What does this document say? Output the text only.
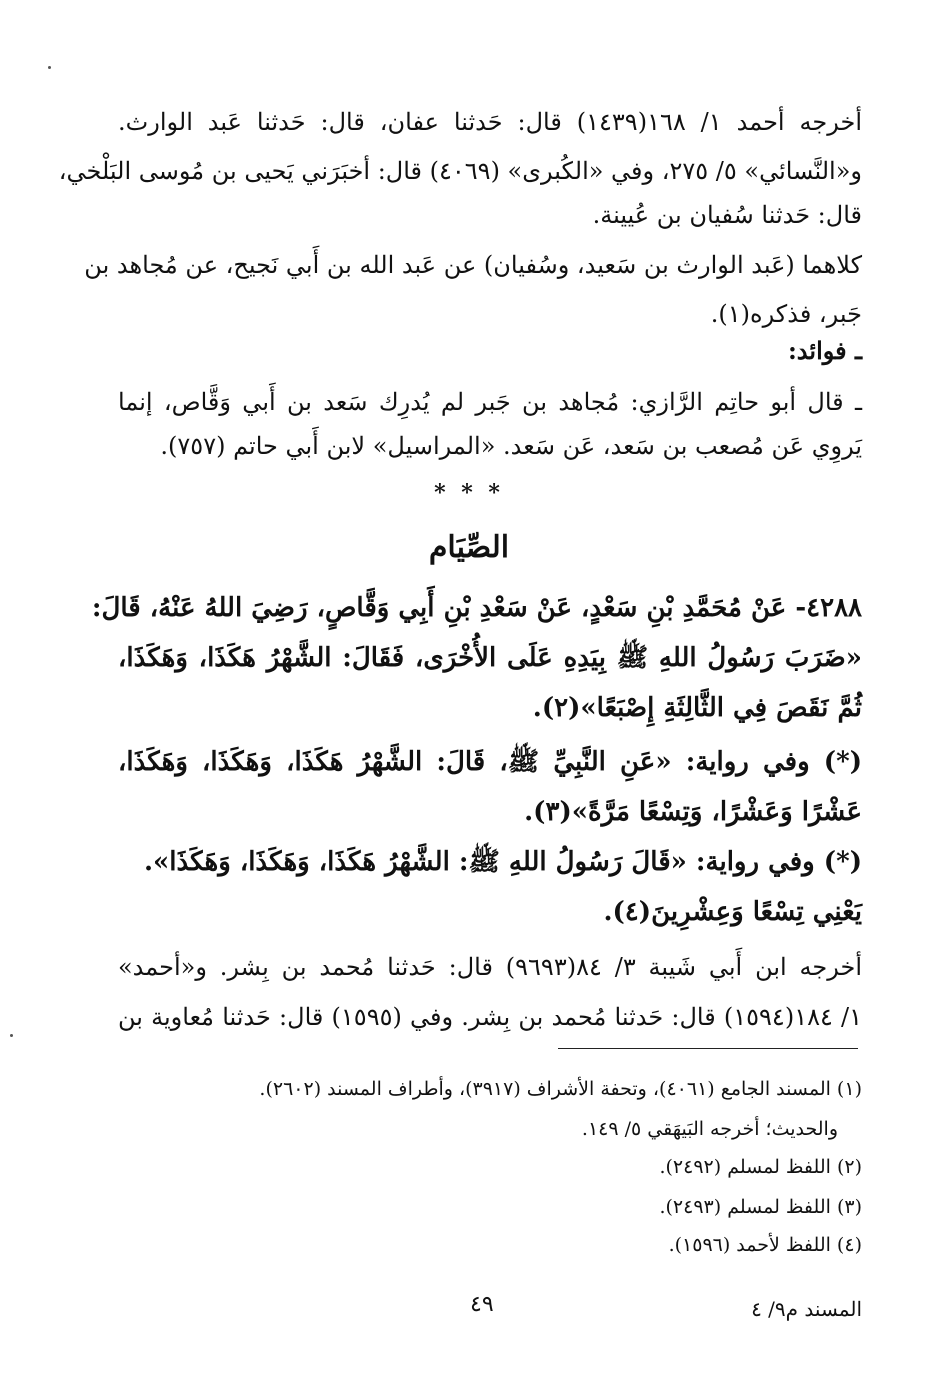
أخرجه أحمد ١/ ١٦٨(١٤٣٩) قال: حَدثنا عفان، قال: حَدثنا عَبد الوارث.
و«النَّسائي» ٥/ ٢٧٥، وفي «الكُبرى» (٤٠٦٩) قال: أخبَرَني يَحيى بن مُوسى البَلْخي،
قال: حَدثنا سُفيان بن عُيينة.
كلاهما (عَبد الوارث بن سَعيد، وسُفيان) عن عَبد الله بن أَبي نَجيح، عن مُجاهد بن
جَبر، فذكره(١).
ـ فوائد:
ـ قال أبو حاتِم الرَّازي: مُجاهد بن جَبر لم يُدرِك سَعد بن أَبي وَقَّاص، إنما
يَروِي عَن مُصعب بن سَعد، عَن سَعد. «المراسيل» لابن أَبي حاتم (٧٥٧).
* * *
الصِّيَام
٤٢٨٨- عَنْ مُحَمَّدِ بْنِ سَعْدٍ، عَنْ سَعْدِ بْنِ أَبِي وَقَّاصٍ، رَضِيَ اللهُ عَنْهُ، قَالَ:
«ضَرَبَ رَسُولُ اللهِ ﷺ بِيَدِهِ عَلَى الأُخْرَى، فَقَالَ: الشَّهْرُ هَكَذَا، وَهَكَذَا،
ثُمَّ نَقَصَ فِي الثَّالِثَةِ إِصْبَعًا»(٢).
(*) وفي رواية: «عَنِ النَّبِيِّ ﷺ، قَالَ: الشَّهْرُ هَكَذَا، وَهَكَذَا، وَهَكَذَا،
عَشْرًا وَعَشْرًا، وَتِسْعًا مَرَّةً»(٣).
(*) وفي رواية: «قَالَ رَسُولُ اللهِ ﷺ: الشَّهْرُ هَكَذَا، وَهَكَذَا، وَهَكَذَا».
يَعْنِي تِسْعًا وَعِشْرِينَ(٤).
أخرجه ابن أَبي شَيبة ٣/ ٨٤(٩٦٩٣) قال: حَدثنا مُحمد بن بِشر. و«أحمد»
١/ ١٨٤(١٥٩٤) قال: حَدثنا مُحمد بن بِشر. وفي (١٥٩٥) قال: حَدثنا مُعاوية بن
(١) المسند الجامع (٤٠٦١)، وتحفة الأشراف (٣٩١٧)، وأطراف المسند (٢٦٠٢).
والحديث؛ أخرجه البَيهَقي ٥/ ١٤٩.
(٢) اللفظ لمسلم (٢٤٩٢).
(٣) اللفظ لمسلم (٢٤٩٣).
(٤) اللفظ لأحمد (١٥٩٦).
٤٩	المسند م٩/ ٤
